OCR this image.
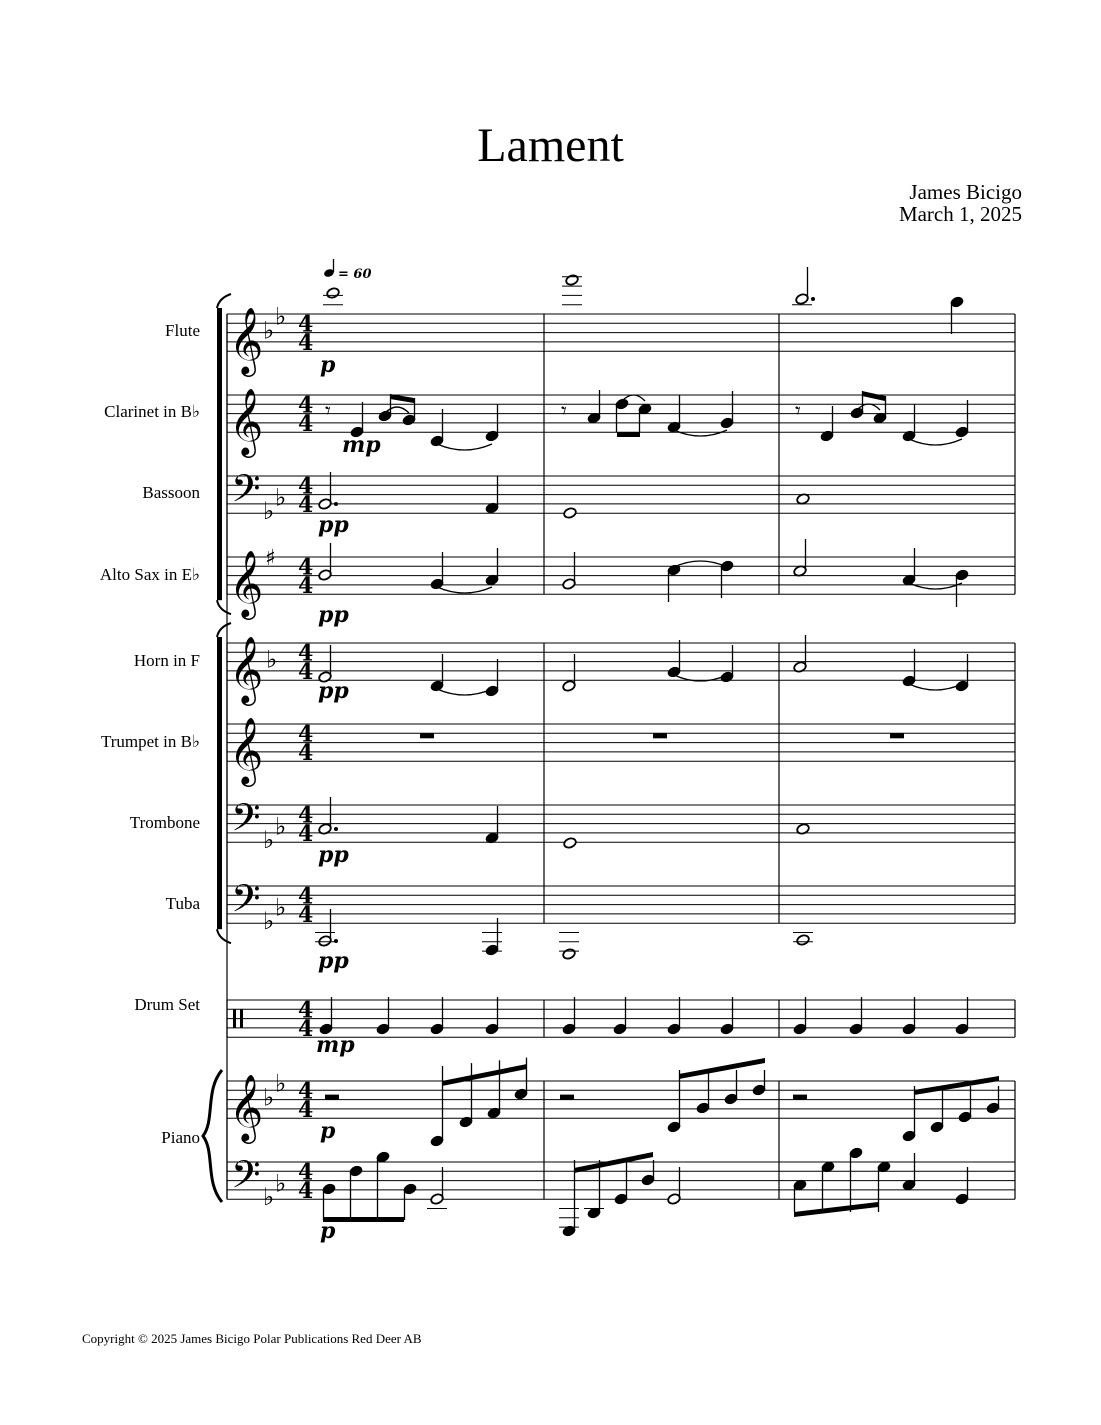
Lament
James Bicigo
March 1, 2025
Flute
Clarinet in B♭
Bassoon
Alto Sax in E♭
Horn in F
Trumpet in B♭
Trombone
Tuba
Drum Set
Piano
𝄞
𝄞
𝄢
𝄞
𝄞
𝄞
𝄢
𝄢
𝄞
𝄢
♭ ♭
♭ ♭
♯
♭
♭ ♭
♭ ♭
♭ ♭
♭ ♭
4
4
4
4
4
4
4
4
4
4
4
4
4
4
4
4
4
4
4
4
4
4
𝄾	𝄾	𝄾
p
mp
pp
pp
pp
pp
pp
mp
p
p
= 60
Copyright © 2025 James Bicigo Polar Publications Red Deer AB
